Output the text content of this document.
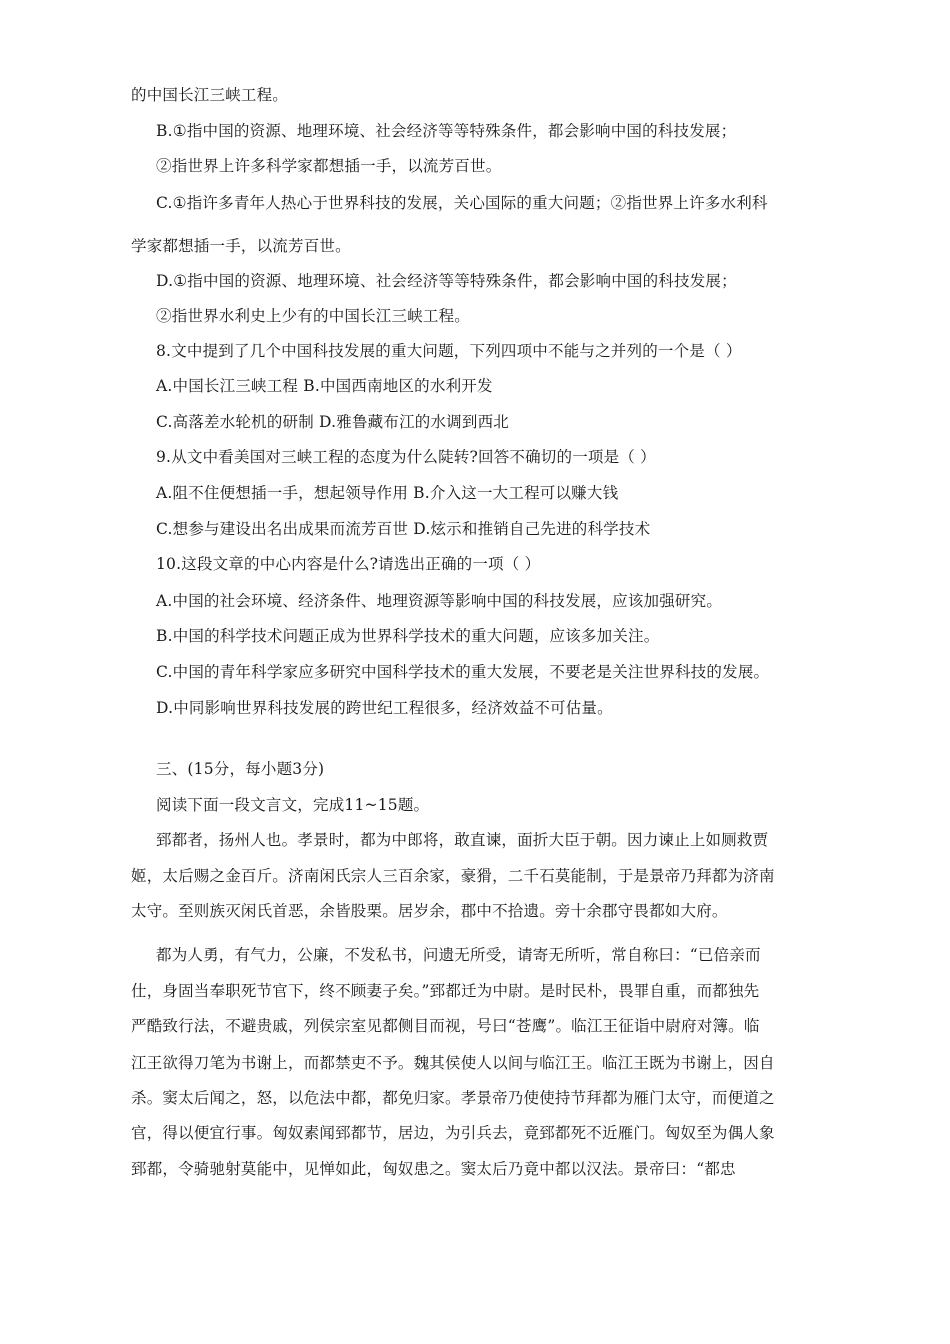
的中国长江三峡工程。
B.①指中国的资源、地理环境、社会经济等等特殊条件，都会影响中国的科技发展；
②指世界上许多科学家都想插一手，以流芳百世。
C.①指许多青年人热心于世界科技的发展，关心国际的重大问题；②指世界上许多水利科
学家都想插一手，以流芳百世。
D.①指中国的资源、地理环境、社会经济等等特殊条件，都会影响中国的科技发展；
②指世界水利史上少有的中国长江三峡工程。
8.文中提到了几个中国科技发展的重大问题，下列四项中不能与之并列的一个是（ ）
A.中国长江三峡工程 B.中国西南地区的水利开发
C.高落差水轮机的研制 D.雅鲁藏布江的水调到西北
9.从文中看美国对三峡工程的态度为什么陡转?回答不确切的一项是（ ）
A.阻不住便想插一手，想起领导作用 B.介入这一大工程可以赚大钱
C.想参与建设出名出成果而流芳百世 D.炫示和推销自己先进的科学技术
10.这段文章的中心内容是什么?请选出正确的一项（ ）
A.中国的社会环境、经济条件、地理资源等影响中国的科技发展，应该加强研究。
B.中国的科学技术问题正成为世界科学技术的重大问题，应该多加关注。
C.中国的青年科学家应多研究中国科学技术的重大发展，不要老是关注世界科技的发展。
D.中同影响世界科技发展的跨世纪工程很多，经济效益不可估量。
三、(15分，每小题3分)
阅读下面一段文言文，完成11~15题。
郅都者，扬州人也。孝景时，都为中郎将，敢直谏，面折大臣于朝。因力谏止上如厕救贾
姬，太后赐之金百斤。济南闲氏宗人三百余家，豪猾，二千石莫能制，于是景帝乃拜都为济南
太守。至则族灭闲氏首恶，余皆股栗。居岁余，郡中不拾遗。旁十余郡守畏都如大府。
都为人勇，有气力，公廉，不发私书，问遗无所受，请寄无所听，常自称曰：“已倍亲而
仕，身固当奉职死节官下，终不顾妻子矣。”郅都迁为中尉。是时民朴，畏罪自重，而都独先
严酷致行法，不避贵戚，列侯宗室见都侧目而视，号曰“苍鹰”。临江王征诣中尉府对簿。临
江王欲得刀笔为书谢上，而都禁吏不予。魏其侯使人以间与临江王。临江王既为书谢上，因自
杀。窦太后闻之，怒，以危法中都，都免归家。孝景帝乃使使持节拜都为雁门太守，而便道之
官，得以便宜行事。匈奴素闻郅都节，居边，为引兵去，竟郅都死不近雁门。匈奴至为偶人象
郅都，令骑驰射莫能中，见惮如此，匈奴患之。窦太后乃竟中都以汉法。景帝曰：“都忠
